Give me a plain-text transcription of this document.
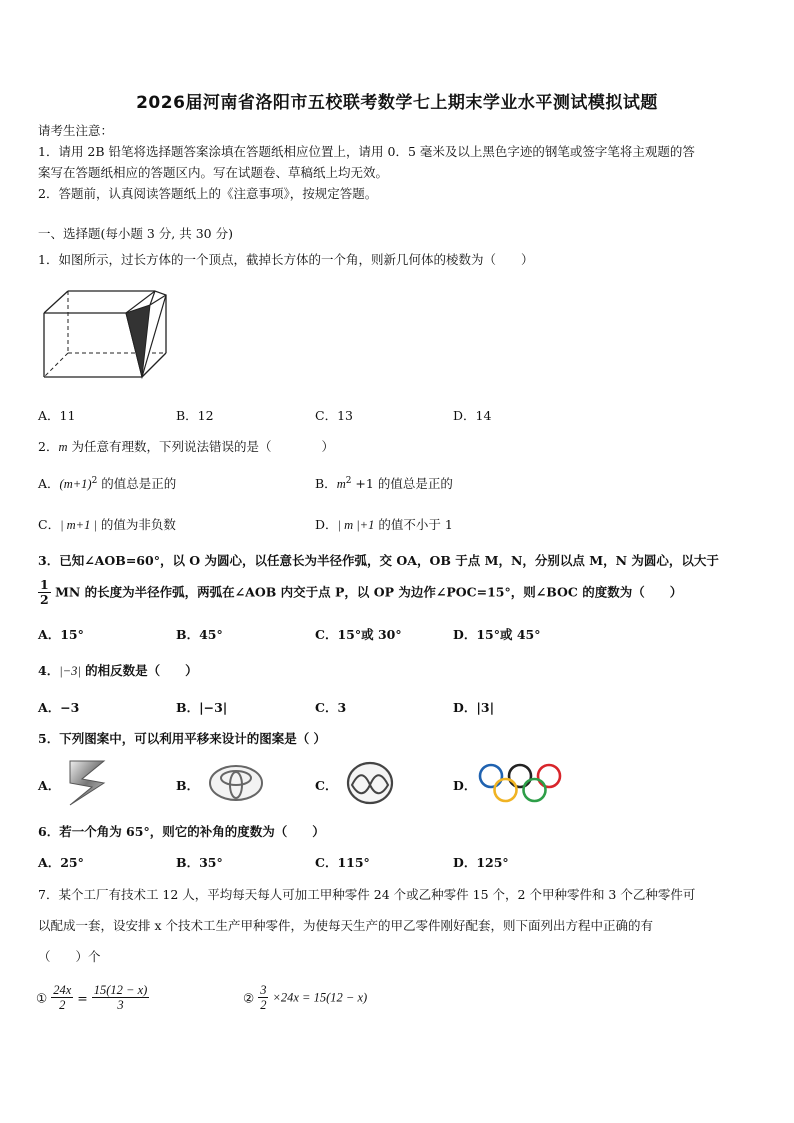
2026届河南省洛阳市五校联考数学七上期末学业水平测试模拟试题
请考生注意：
1．请用 2B 铅笔将选择题答案涂填在答题纸相应位置上，请用 0．5 毫米及以上黑色字迹的钢笔或签字笔将主观题的答
案写在答题纸相应的答题区内。写在试题卷、草稿纸上均无效。
2．答题前，认真阅读答题纸上的《注意事项》，按规定答题。
一、选择题(每小题 3 分, 共 30 分)
1．如图所示，过长方体的一个顶点，截掉长方体的一个角，则新几何体的棱数为（　　）
A．11	B．12	C．13	D．14
2．m 为任意有理数，下列说法错误的是（　　　　）
A．$(m+1)^2$ 的值总是正的	B．$m^2 +1$ 的值总是正的
C．| m+1 | 的值为非负数	D．| m |+1 的值不小于 1
3．已知∠AOB=60°，以 O 为圆心，以任意长为半径作弧，交 OA，OB 于点 M，N，分别以点 M，N 为圆心，以大于
$\frac{1}{2}$ MN 的长度为半径作弧，两弧在∠AOB 内交于点 P，以 OP 为边作∠POC=15°，则∠BOC 的度数为（　　）
A．15°	B．45°	C．15°或 30°	D．15°或 45°
4．|−3| 的相反数是（　　）
A．−3	B．|−3|	C．3	D．|3|
5．下列图案中，可以利用平移来设计的图案是（ ）
A．	B．	C．	D．
6．若一个角为 65°，则它的补角的度数为（　　）
A．25°	B．35°	C．115°	D．125°
7．某个工厂有技术工 12 人，平均每天每人可加工甲种零件 24 个或乙种零件 15 个，2 个甲种零件和 3 个乙种零件可
以配成一套，设安排 x 个技术工生产甲种零件，为使每天生产的甲乙零件刚好配套，则下面列出方程中正确的有
（　　）个
① $\frac{24x}{2} = \frac{15(12 - x)}{3}$	② $\frac{3}{2} \times 24x = 15(12 - x)$
